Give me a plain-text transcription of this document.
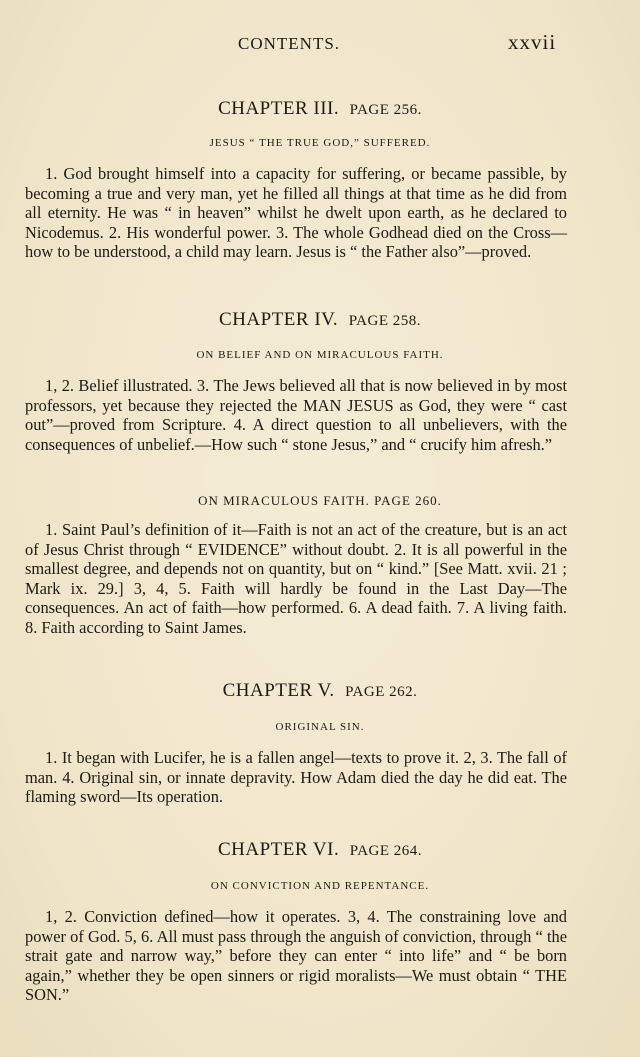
CONTENTS.	xxvii
CHAPTER III. PAGE 256.
JESUS “ THE TRUE GOD,” SUFFERED.
1. God brought himself into a capacity for suffering, or became passible, by becoming a true and very man, yet he filled all things at that time as he did from all eternity. He was “ in heaven” whilst he dwelt upon earth, as he declared to Nicodemus. 2. His wonderful power. 3. The whole Godhead died on the Cross—how to be understood, a child may learn. Jesus is “ the Father also”—proved.
CHAPTER IV. PAGE 258.
ON BELIEF AND ON MIRACULOUS FAITH.
1, 2. Belief illustrated. 3. The Jews believed all that is now believed in by most professors, yet because they rejected the MAN JESUS as God, they were “ cast out”—proved from Scripture. 4. A direct question to all unbelievers, with the consequences of unbelief.—How such “ stone Jesus,” and “ crucify him afresh.”
ON MIRACULOUS FAITH. PAGE 260.
1. Saint Paul’s definition of it—Faith is not an act of the creature, but is an act of Jesus Christ through “ EVIDENCE” without doubt. 2. It is all powerful in the smallest degree, and depends not on quantity, but on “ kind.” [See Matt. xvii. 21 ; Mark ix. 29.] 3, 4, 5. Faith will hardly be found in the Last Day—The consequences. An act of faith—how performed. 6. A dead faith. 7. A living faith. 8. Faith according to Saint James.
CHAPTER V. PAGE 262.
ORIGINAL SIN.
1. It began with Lucifer, he is a fallen angel—texts to prove it. 2, 3. The fall of man. 4. Original sin, or innate depravity. How Adam died the day he did eat. The flaming sword—Its operation.
CHAPTER VI. PAGE 264.
ON CONVICTION AND REPENTANCE.
1, 2. Conviction defined—how it operates. 3, 4. The constraining love and power of God. 5, 6. All must pass through the anguish of conviction, through “ the strait gate and narrow way,” before they can enter “ into life” and “ be born again,” whether they be open sinners or rigid moralists—We must obtain “ THE SON.”
